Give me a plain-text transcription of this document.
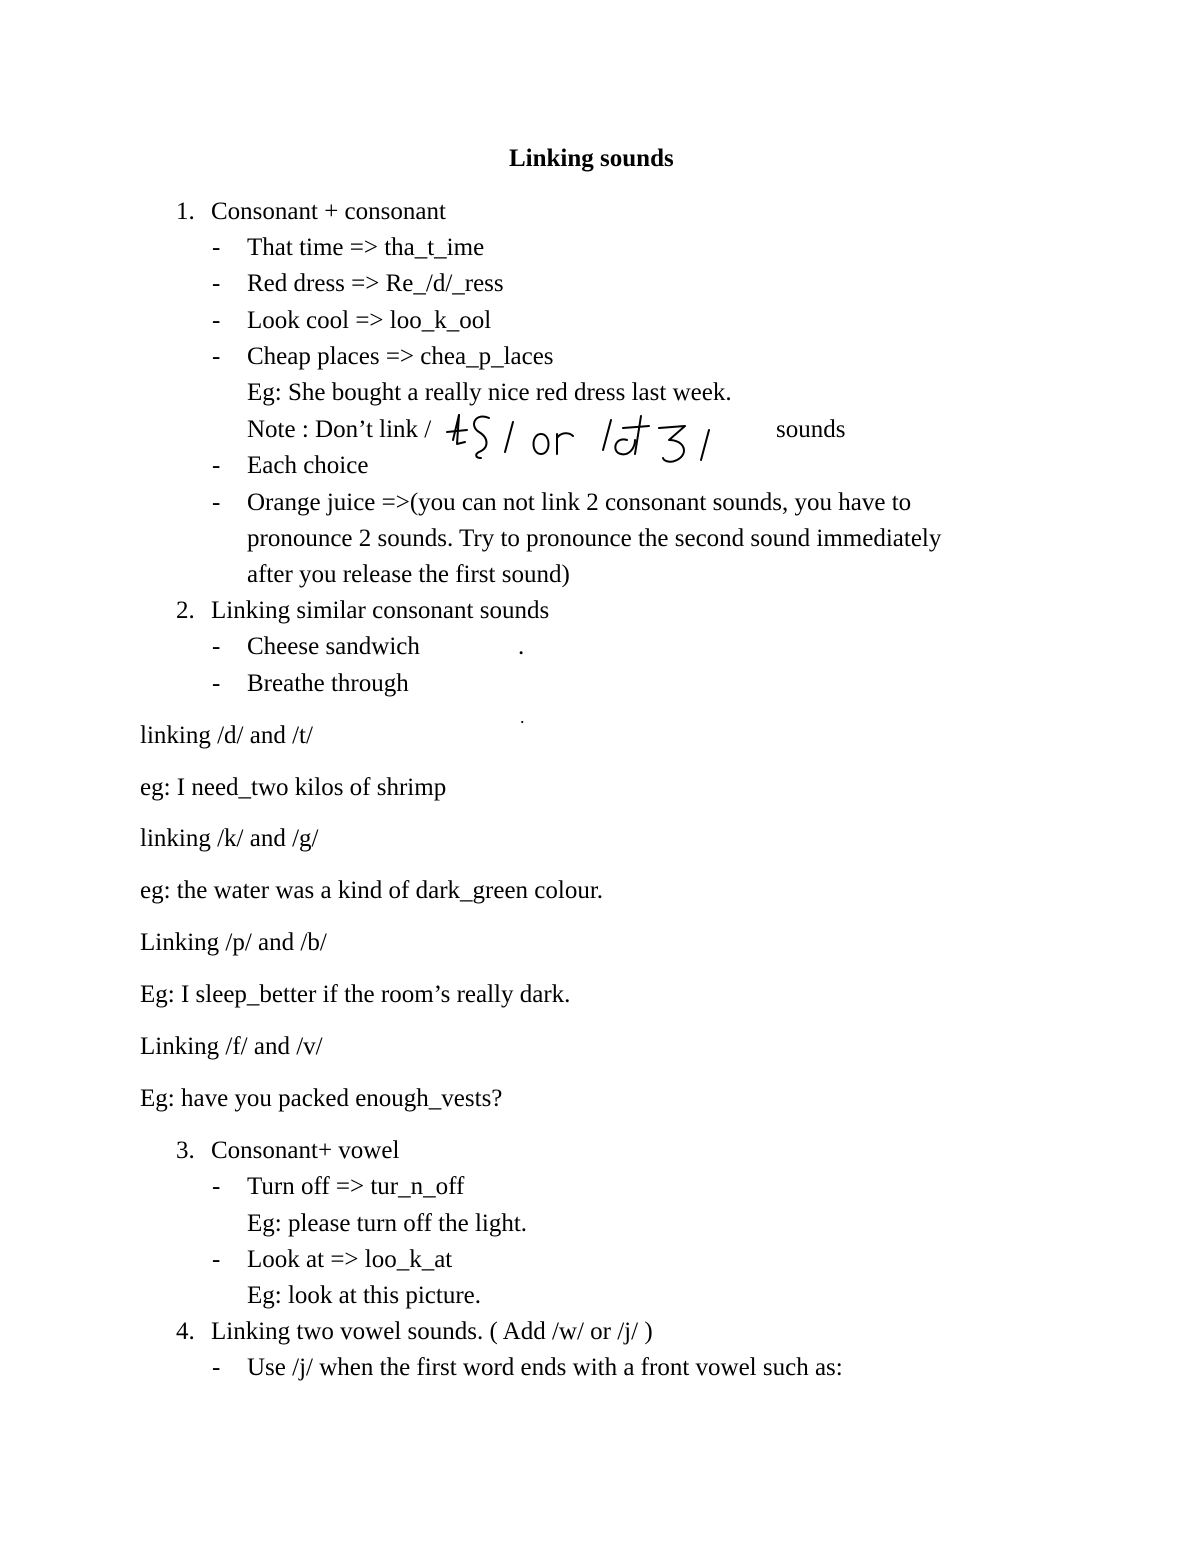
Linking sounds
1. Consonant + consonant
- That time => tha_t_ime
- Red dress => Re_/d/_ress
- Look cool => loo_k_ool
- Cheap places => chea_p_laces
Eg: She bought a really nice red dress last week.
Note : Don’t link /	sounds
- Each choice
- Orange juice =>(you can not link 2 consonant sounds, you have to
pronounce 2 sounds. Try to pronounce the second sound immediately
after you release the first sound)
2. Linking similar consonant sounds
- Cheese sandwich	.
- Breathe through
.
linking /d/ and /t/
eg: I need_two kilos of shrimp
linking /k/ and /g/
eg: the water was a kind of dark_green colour.
Linking /p/ and /b/
Eg: I sleep_better if the room’s really dark.
Linking /f/ and /v/
Eg: have you packed enough_vests?
3. Consonant+ vowel
- Turn off => tur_n_off
Eg: please turn off the light.
- Look at => loo_k_at
Eg: look at this picture.
4. Linking two vowel sounds. ( Add /w/ or /j/ )
- Use /j/ when the first word ends with a front vowel such as:
